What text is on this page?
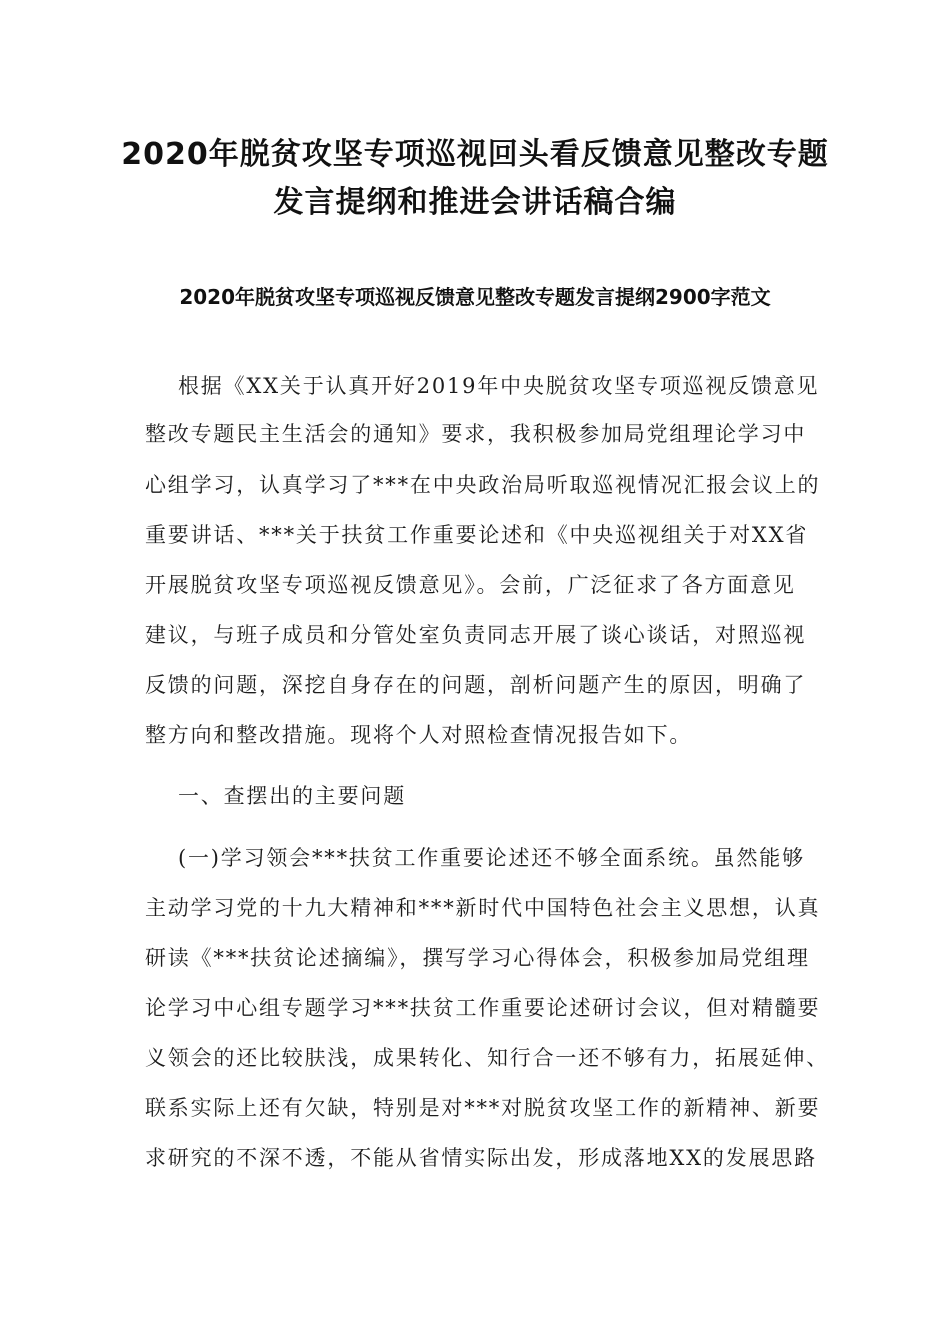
2020年脱贫攻坚专项巡视回头看反馈意见整改专题
发言提纲和推进会讲话稿合编
2020年脱贫攻坚专项巡视反馈意见整改专题发言提纲2900字范文
根据《XX关于认真开好2019年中央脱贫攻坚专项巡视反馈意见
整改专题民主生活会的通知》要求，我积极参加局党组理论学习中
心组学习，认真学习了***在中央政治局听取巡视情况汇报会议上的
重要讲话、***关于扶贫工作重要论述和《中央巡视组关于对XX省
开展脱贫攻坚专项巡视反馈意见》。会前，广泛征求了各方面意见
建议，与班子成员和分管处室负责同志开展了谈心谈话，对照巡视
反馈的问题，深挖自身存在的问题，剖析问题产生的原因，明确了
整方向和整改措施。现将个人对照检查情况报告如下。
一、查摆出的主要问题
(一)学习领会***扶贫工作重要论述还不够全面系统。虽然能够
主动学习党的十九大精神和***新时代中国特色社会主义思想，认真
研读《***扶贫论述摘编》，撰写学习心得体会，积极参加局党组理
论学习中心组专题学习***扶贫工作重要论述研讨会议，但对精髓要
义领会的还比较肤浅，成果转化、知行合一还不够有力，拓展延伸、
联系实际上还有欠缺，特别是对***对脱贫攻坚工作的新精神、新要
求研究的不深不透，不能从省情实际出发，形成落地XX的发展思路
